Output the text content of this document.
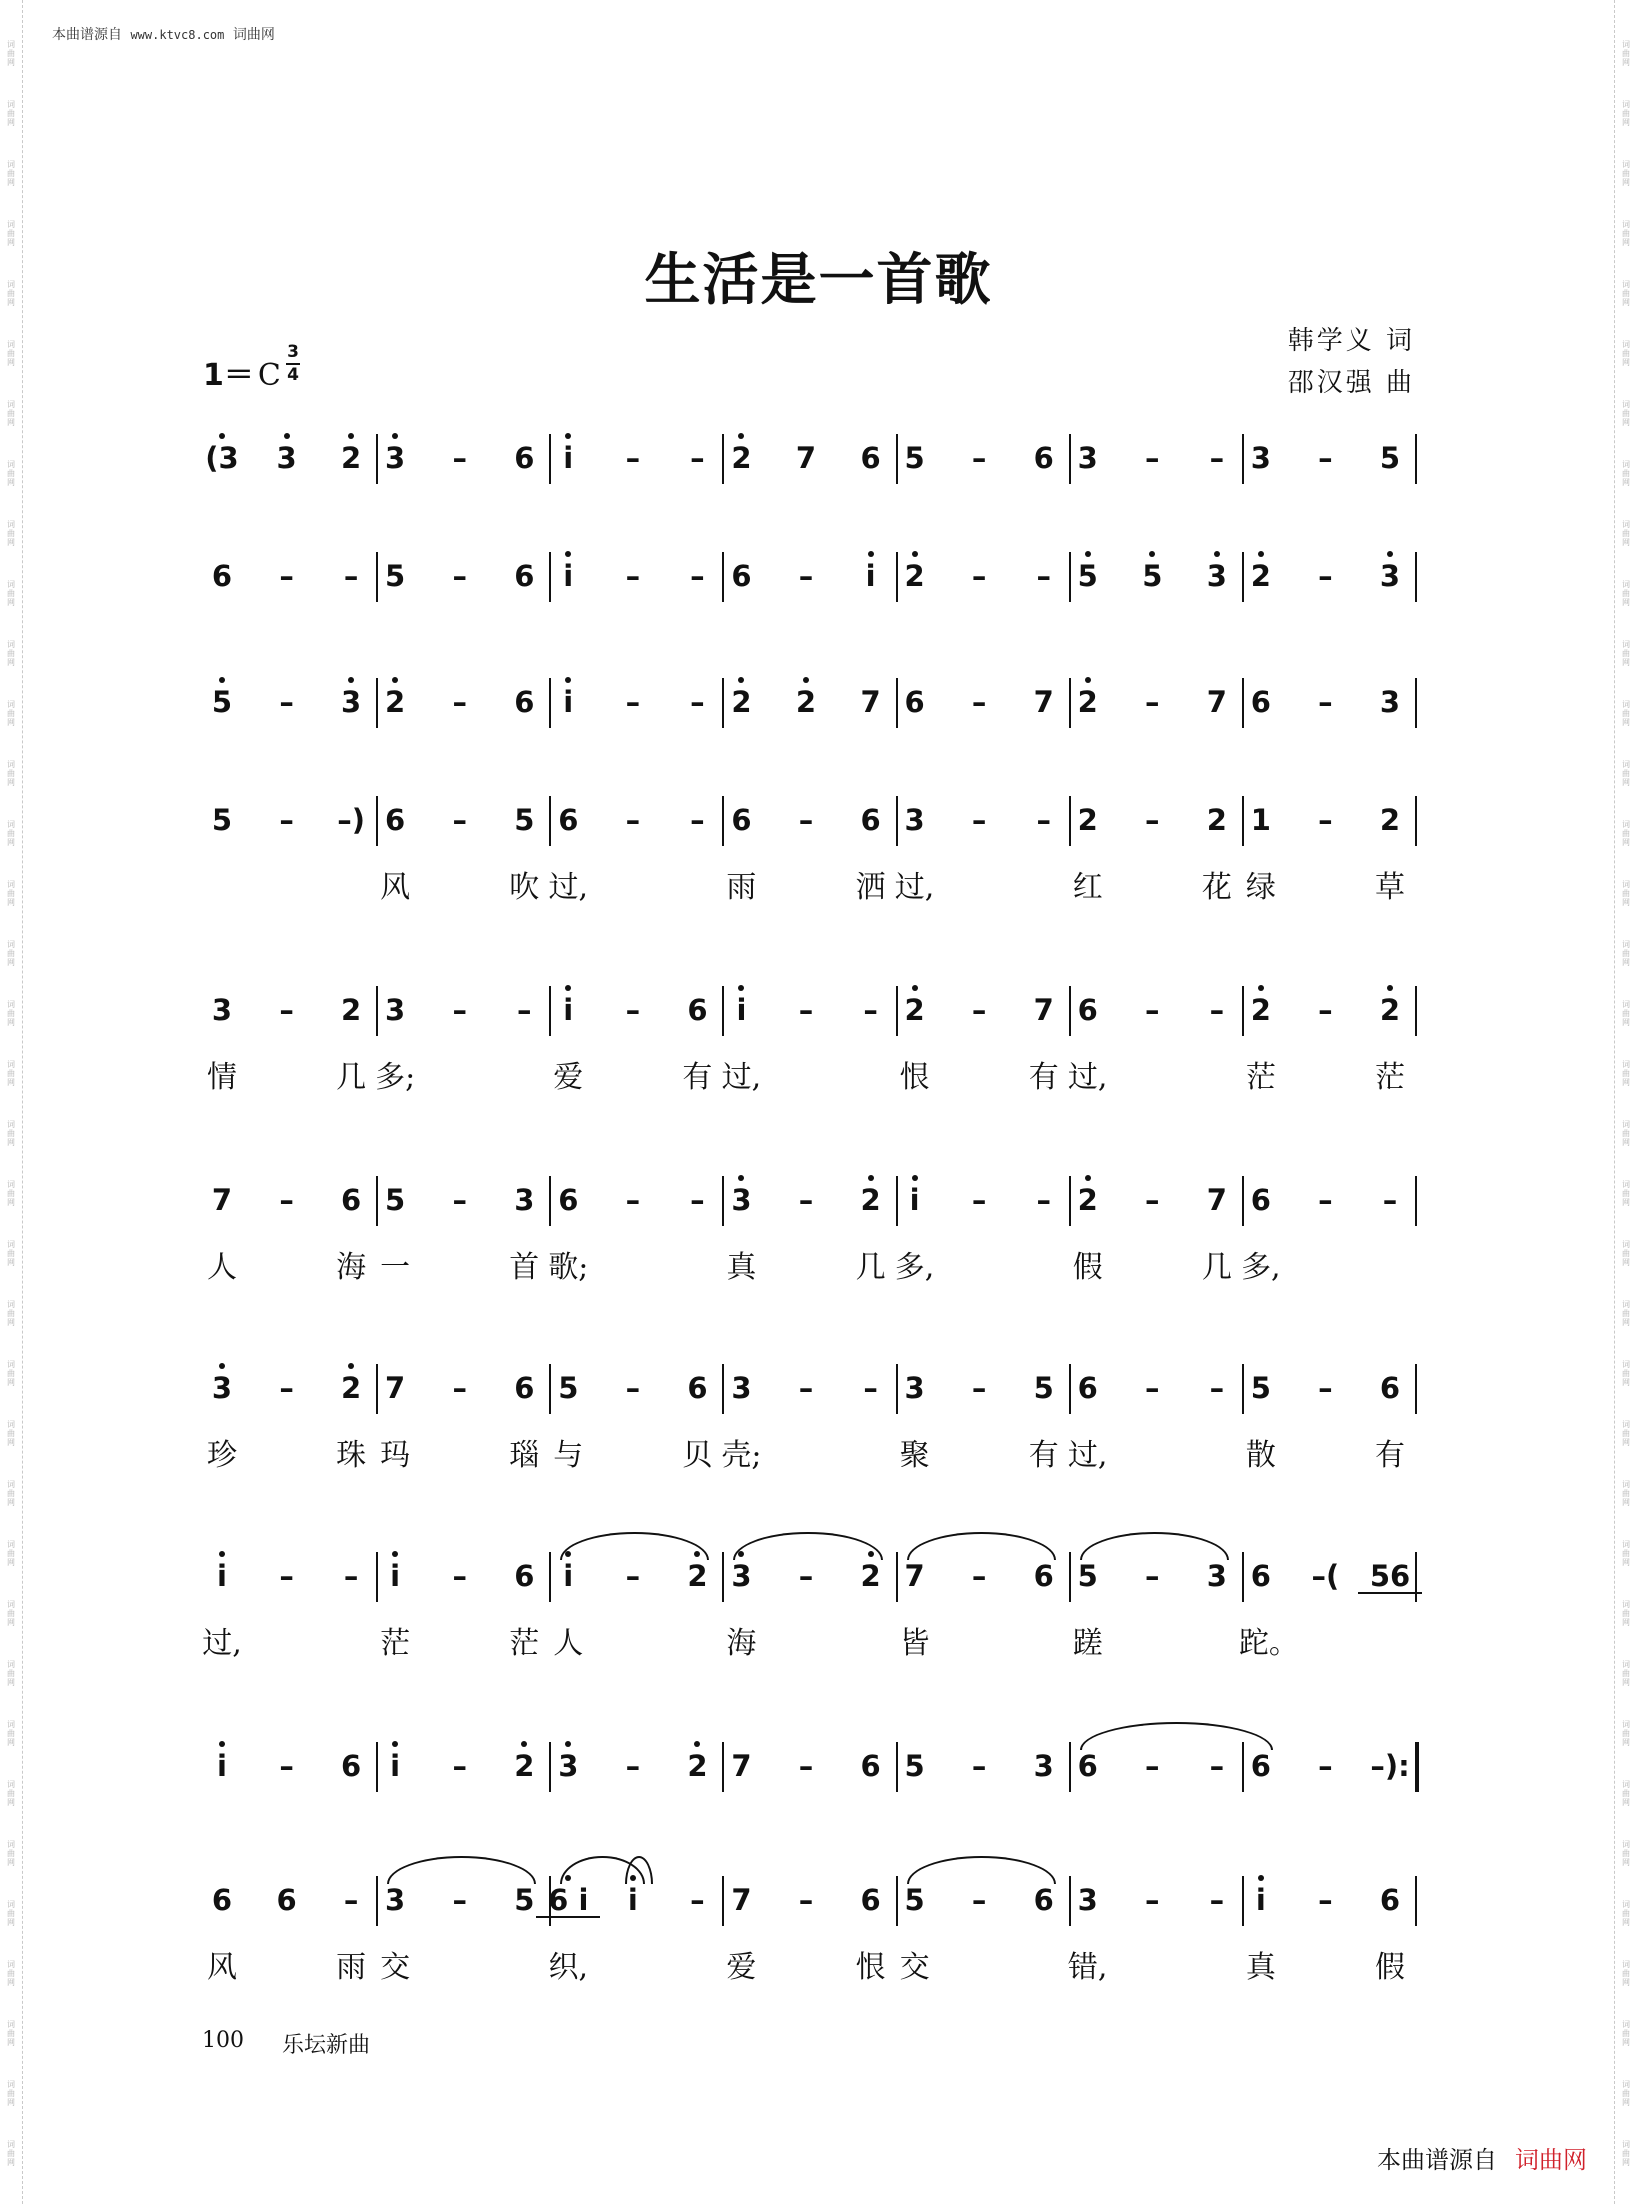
本曲谱源自 www.ktvc8.com 词曲网
生活是一首歌
1＝ C
3
4
韩学义 词
邵汉强 曲
(3	3	2 3	–	6 i	–	– 2	7	6 5	–	6 3	–	– 3	–	5
6	–	– 5	–	6 i	–	– 6	–	i 2	–	– 5	5	3 2	–	3
5	–	3 2	–	6 i	–	– 2	2	7 6	–	7 2	–	7 6	–	3
5	–	–) 6	–	5 6	–	– 6	–	6 3	–	– 2	–	2 1	–	2
风	吹 过,	雨	洒 过,	红	花 绿	草
3	–	2 3	–	–	i	–	6 i	–	– 2	–	7 6	–	– 2	–	2
情	几 多;	爱	有 过,	恨	有 过,	茫	茫
7	–	6 5	–	3 6	–	– 3	–	2 i	–	– 2	–	7 6	–	–
人	海 一	首 歌;	真	几 多,	假	几 多,
3	–	2 7	–	6 5	–	6 3	–	– 3	–	5 6	–	– 5	–	6
珍	珠 玛	瑙 与	贝 壳;	聚	有 过,	散	有
i	–	–	i	–	6 i	–	2 3	–	2 7	–	6 5	–	3 6	–(	56
过,	茫	茫 人	海	皆	蹉	跎。
i	–	6 i	–	2 3	–	2 7	–	6 5	–	3 6	–	– 6	–	–):
6	6	– 3	–	5 6 i	i	– 7	–	6 5	–	6 3	–	–	i	–	6
风	雨 交	织,	爱	恨 交	错,	真	假
100 乐坛新曲
本曲谱源自 词曲网
词
曲
网
词
曲
网
词
曲
网
词
曲
网
词
曲
网
词
曲
网
词
曲
网
词
曲
网
词
曲
网
词
曲
网
词
曲
网
词
曲
网
词
曲
网
词
曲
网
词
曲
网
词
曲
网
词
曲
网
词
曲
网
词
曲
网
词
曲
网
词
曲
网
词
曲
网
词
曲
网
词
曲
网
词
曲
网
词
曲
网
词
曲
网
词
曲
网
词
曲
网
词
曲
网
词
曲
网
词
曲
网
词
曲
网
词
曲
网
词
曲
网
词
曲
网
词
曲
网
词
曲
网
词
曲
网
词
曲
网
词
曲
网
词
曲
网
词
曲
网
词
曲
网
词
曲
网
词
曲
网
词
曲
网
词
曲
网
词
曲
网
词
曲
网
词
曲
网
词
曲
网
词
曲
网
词
曲
网
词
曲
网
词
曲
网
词
曲
网
词
曲
网
词
曲
网
词
曲
网
词
曲
网
词
曲
网
词
曲
网
词
曲
网
词
曲
网
词
曲
网
词
曲
网
词
曲
网
词
曲
网
词
曲
网
词
曲
网
词
曲
网
